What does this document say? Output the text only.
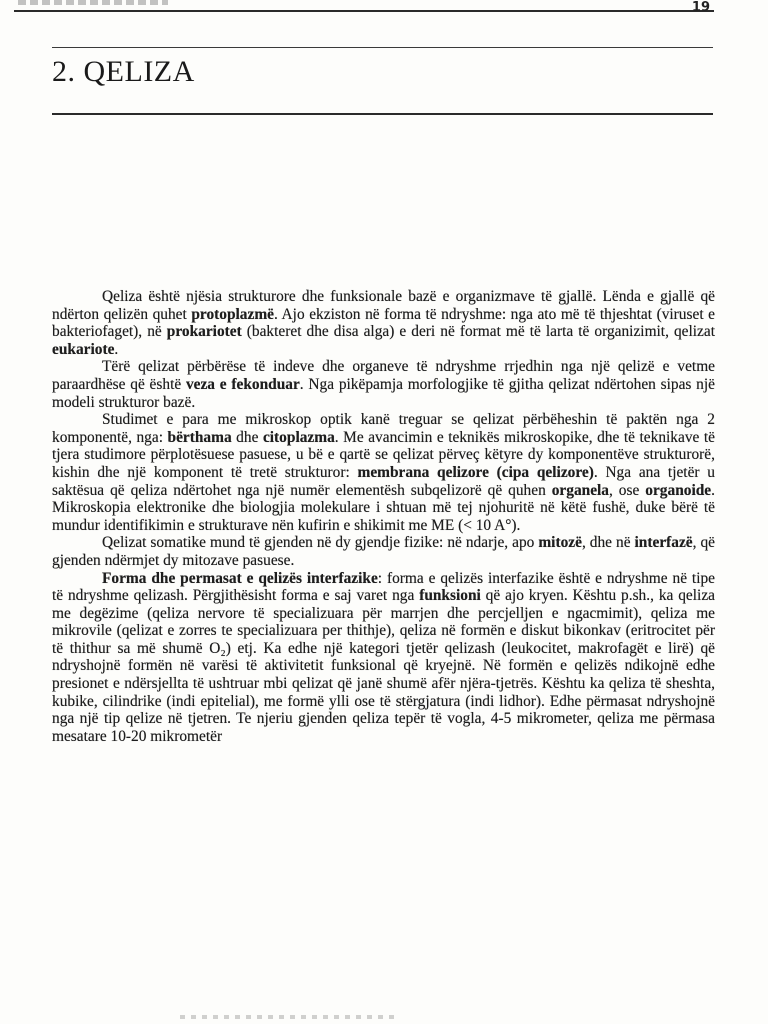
19
2. QELIZA

Qeliza është njësia strukturore dhe funksionale bazë e organizmave të gjallë. Lënda e gjallë që ndërton qelizën quhet protoplazmë. Ajo ekziston në forma të ndryshme: nga ato më të thjeshtat (viruset e bakteriofaget), në prokariotet (bakteret dhe disa alga) e deri në format më të larta të organizimit, qelizat eukariote.

Tërë qelizat përbërëse të indeve dhe organeve të ndryshme rrjedhin nga një qelizë e vetme paraardhëse që është veza e fekonduar. Nga pikëpamja morfologjike të gjitha qelizat ndërtohen sipas një modeli strukturor bazë.

Studimet e para me mikroskop optik kanë treguar se qelizat përbëheshin të paktën nga 2 komponentë, nga: bërthama dhe citoplazma. Me avancimin e teknikës mikroskopike, dhe të teknikave të tjera studimore përplotësuese pasuese, u bë e qartë se qelizat përveç këtyre dy komponentëve strukturorë, kishin dhe një komponent të tretë strukturor: membrana qelizore (cipa qelizore). Nga ana tjetër u saktësua që qeliza ndërtohet nga një numër elementësh subqelizorë që quhen organela, ose organoide. Mikroskopia elektronike dhe biologjia molekulare i shtuan më tej njohuritë në këtë fushë, duke bërë të mundur identifikimin e strukturave nën kufirin e shikimit me ME (< 10 A°).

Qelizat somatike mund të gjenden në dy gjendje fizike: në ndarje, apo mitozë, dhe në interfazë, që gjenden ndërmjet dy mitozave pasuese.

Forma dhe permasat e qelizës interfazike: forma e qelizës interfazike është e ndryshme në tipe të ndryshme qelizash. Përgjithësisht forma e saj varet nga funksioni që ajo kryen. Kështu p.sh., ka qeliza me degëzime (qeliza nervore të specializuara për marrjen dhe percjelljen e ngacmimit), qeliza me mikrovile (qelizat e zorres te specializuara per thithje), qeliza në formën e diskut bikonkav (eritrocitet për të thithur sa më shumë O₂) etj. Ka edhe një kategori tjetër qelizash (leukocitet, makrofagët e lirë) që ndryshojnë formën në varësi të aktivitetit funksional që kryejnë. Në formën e qelizës ndikojnë edhe presionet e ndërsjellta të ushtruar mbi qelizat që janë shumë afër njëra-tjetrës. Kështu ka qeliza të sheshta, kubike, cilindrike (indi epitelial), me formë ylli ose të stërgjatura (indi lidhor). Edhe përmasat ndryshojnë nga një tip qelize në tjetren. Te njeriu gjenden qeliza tepër të vogla, 4-5 mikrometer, qeliza me përmasa mesatare 10-20 mikrometër
